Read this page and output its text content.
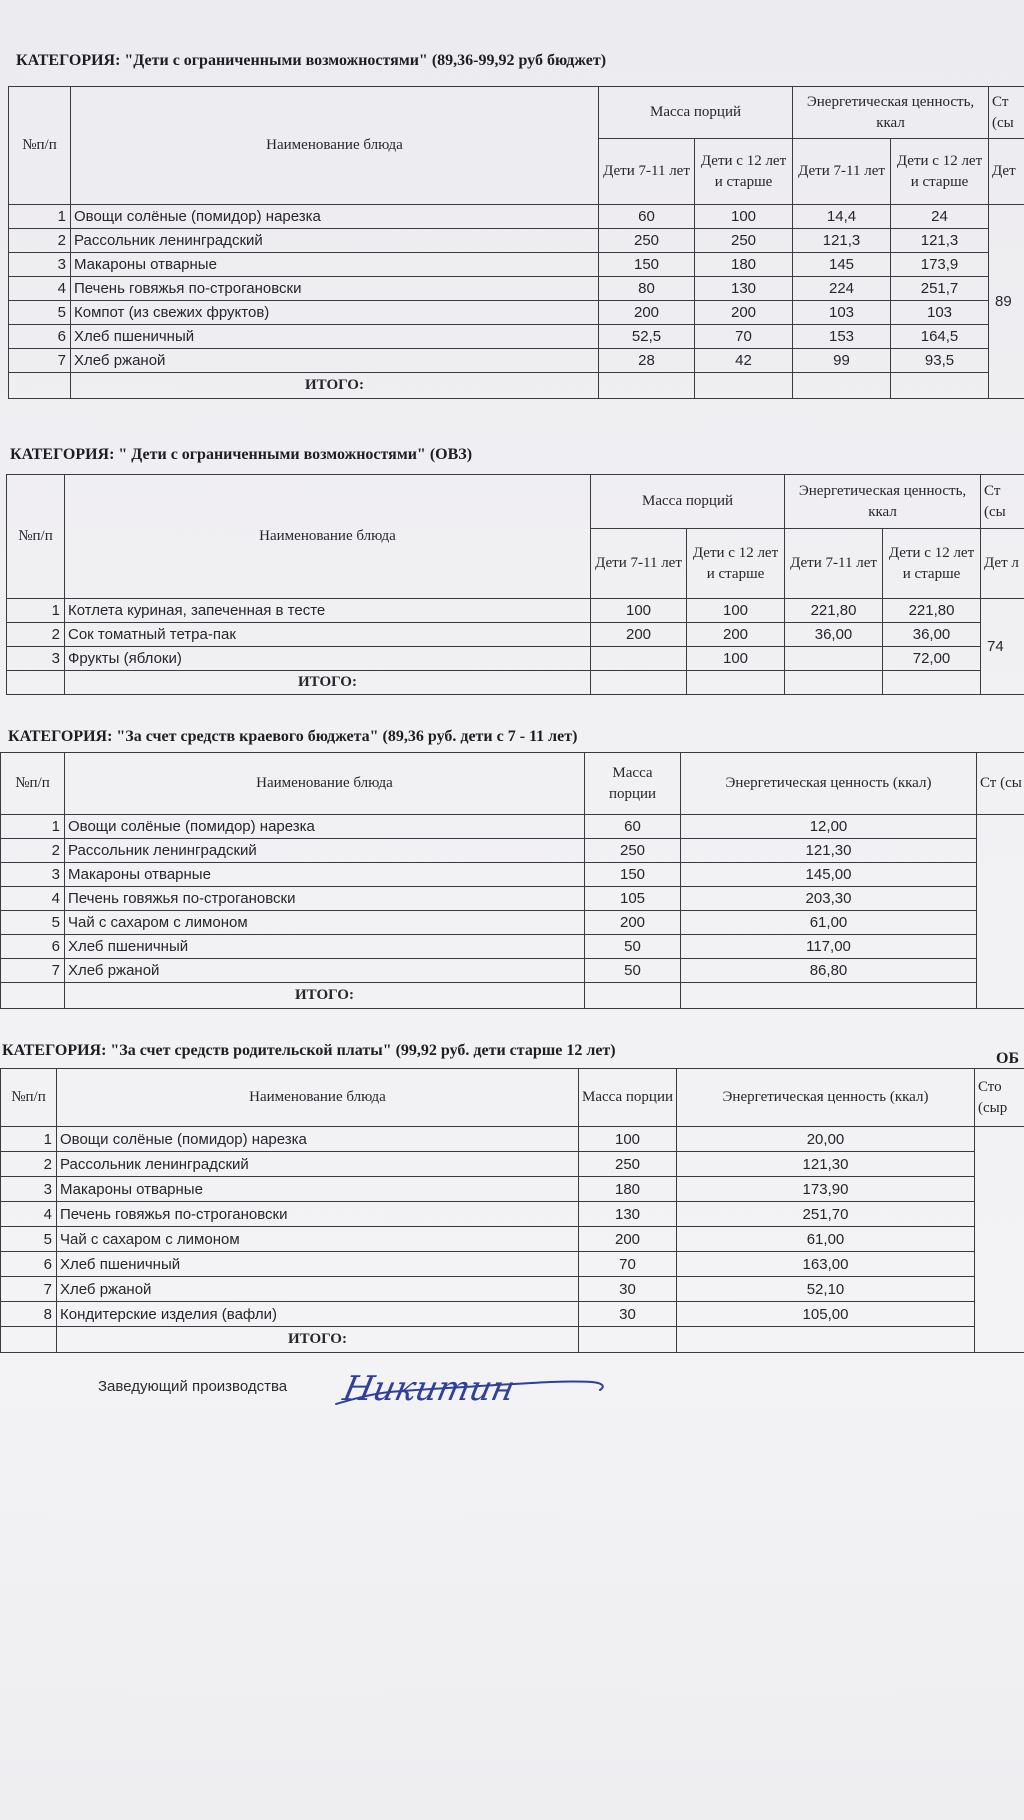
КАТЕГОРИЯ: "Дети с ограниченными возможностями" (89,36-99,92 руб бюджет)
№п/п	Наименование блюда	Масса порций		Энергетическая ценность, ккал		Ст (сы
		Дети 7-11 лет	Дети с 12 лет и старше	Дети 7-11 лет	Дети с 12 лет и старше	Дет
1	Овощи солёные (помидор) нарезка	60	100	14,4	24	89
2	Рассольник ленинградский	250	250	121,3	121,3	
3	Макароны отварные	150	180	145	173,9	
4	Печень говяжья по-строгановски	80	130	224	251,7	
5	Компот (из свежих фруктов)	200	200	103	103	
6	Хлеб пшеничный	52,5	70	153	164,5	
7	Хлеб ржаной	28	42	99	93,5	
	ИТОГО:					
КАТЕГОРИЯ: " Дети с ограниченными возможностями" (ОВЗ)
№п/п	Наименование блюда	Масса порций		Энергетическая ценность, ккал		Ст (сы
		Дети 7-11 лет	Дети с 12 лет и старше	Дети 7-11 лет	Дети с 12 лет и старше	Дет л
1	Котлета куриная, запеченная в тесте	100	100	221,80	221,80	74
2	Сок томатный тетра-пак	200	200	36,00	36,00	
3	Фрукты (яблоки)		100		72,00	
	ИТОГО:					
КАТЕГОРИЯ: "За счет средств краевого бюджета" (89,36 руб. дети с 7 - 11 лет)
№п/п	Наименование блюда	Масса порции	Энергетическая ценность (ккал)	Ст (сы
1	Овощи солёные (помидор) нарезка	60	12,00	
2	Рассольник ленинградский	250	121,30	
3	Макароны отварные	150	145,00	
4	Печень говяжья по-строгановски	105	203,30	
5	Чай с сахаром с лимоном	200	61,00	
6	Хлеб пшеничный	50	117,00	
7	Хлеб ржаной	50	86,80	
	ИТОГО:			
КАТЕГОРИЯ: "За счет средств родительской платы" (99,92 руб. дети старше 12 лет)	ОБ
№п/п	Наименование блюда	Масса порции	Энергетическая ценность (ккал)	Сто (сыр
1	Овощи солёные (помидор) нарезка	100	20,00	
2	Рассольник ленинградский	250	121,30	
3	Макароны отварные	180	173,90	
4	Печень говяжья по-строгановски	130	251,70	
5	Чай с сахаром с лимоном	200	61,00	
6	Хлеб пшеничный	70	163,00	
7	Хлеб ржаной	30	52,10	
8	Кондитерские изделия (вафли)	30	105,00	
	ИТОГО:			
Заведующий производства Никитин
